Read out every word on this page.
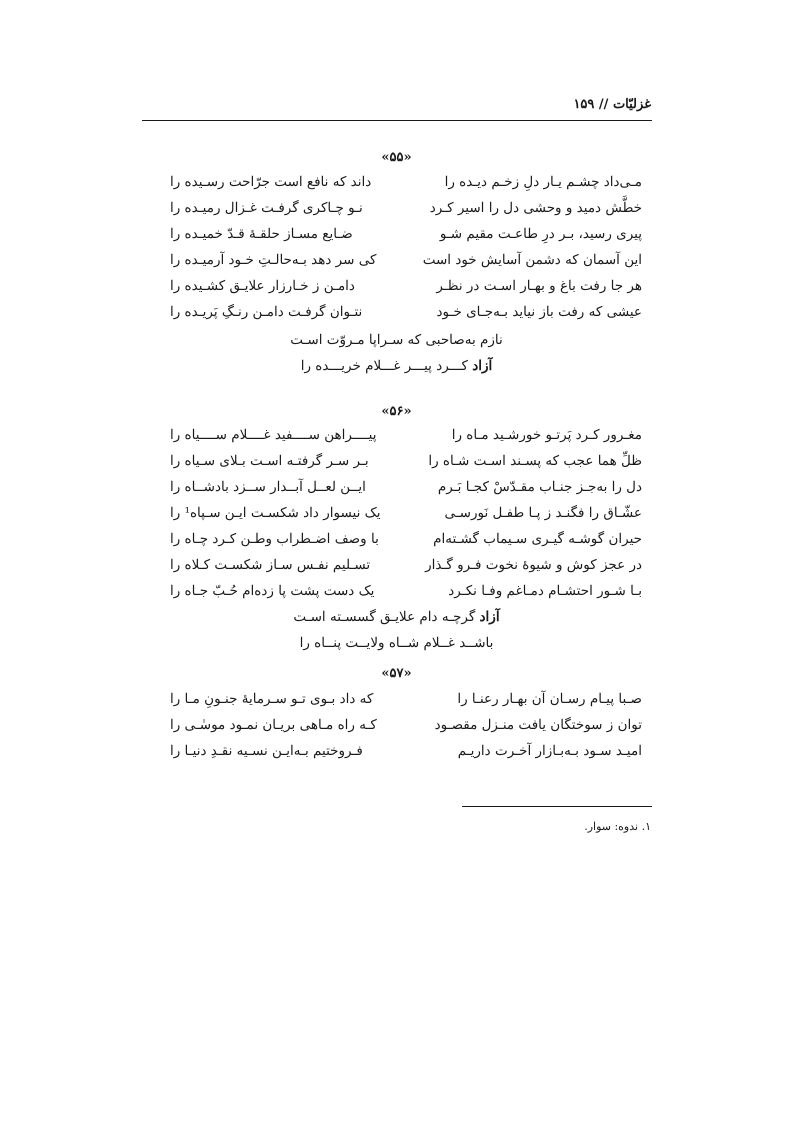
غزلیّات // ۱۵۹
«۵۵»
مـی‌داد چشـم یـار دلِ زخـم دیـده را
داند که نافع است جرّاحت رسـیده را
خطَّش دمید و وحشی دل را اسیر کـرد
نـو چـاکری گرفـت غـزال رمیـده را
پیری رسید، بـر درِ طاعـت مقیم شـو
ضـایع مسـاز حلقـهٔ قـدّ خمیـده را
این آسمان که دشمن آسایش خود است
کی سر دهد بـه‌حالـتِ خـود آرمیـده را
هر جا رفت باغ و بهـار اسـت در نظـر
دامـن ز خـارزار علایـق کشـیده را
عیشی که رفت باز نیاید بـه‌جـای خـود
نتـوان گرفـت دامـن رنـگِ پَریـده را
نازم به‌صاحبی که سـراپا مـروّت اسـت
آزاد کـــرد پیـــر غـــلام خریـــده را
«۵۶»
مغـرور کـرد پَرتـو خورشـید مـاه را
پیــــراهن ســــفید غــــلام ســــیاه را
ظلِّ هما عجب که پسـند اسـت شـاه را
بـر سـر گرفتـه اسـت بـلای سـیاه را
دل را به‌جـز جنـاب مقـدّسْ کجـا بَـرم
ایــن لعــل آبــدار ســزد بادشــاه را
عشّـاق را فگنـد ز پـا طفـل نَورسـی
یک نیسوار داد شکسـت ایـن سـپاه¹ را
حیران گوشـه گیـری سـیماب گشـته‌ام
با وصف اضـطراب وطـن کـرد چـاه را
در عجز کوش و شیوهٔ نخوت فـرو گـذار
تسـلیم نفـس سـاز شکسـت کـلاه را
بـا شـور احتشـام دمـاغم وفـا نکـرد
یک دست پشت پا زده‌ام حُـبّ جـاه را
آزاد گرچـه دام علایـق گسسـته اسـت
باشــد غــلام شــاه ولایــت پنــاه را
«۵۷»
صـبا پیـام رسـان آن بهـار رعنـا را
که داد بـوی تـو سـرمایهٔ جنـونِ مـا را
توان ز سوختگان یافت منـزل مقصـود
کـه راه مـاهی بریـان نمـود موسٰـی را
امیـد سـود بـه‌بـازار آخـرت داریـم
فـروختیم بـه‌ایـن نسـیه نقـدِ دنیـا را
۱. ندوه: سوار.
